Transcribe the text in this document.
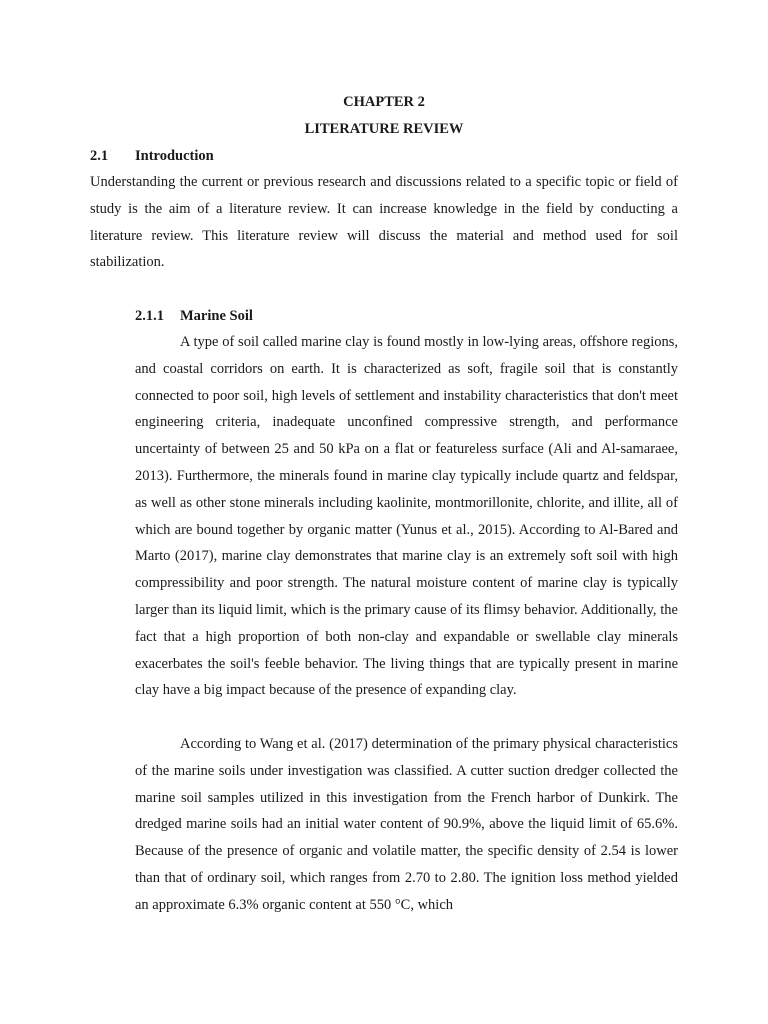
CHAPTER 2
LITERATURE REVIEW
2.1 Introduction

Understanding the current or previous research and discussions related to a specific topic or field of study is the aim of a literature review. It can increase knowledge in the field by conducting a literature review. This literature review will discuss the material and method used for soil stabilization.

2.1.1 Marine Soil

A type of soil called marine clay is found mostly in low-lying areas, offshore regions, and coastal corridors on earth. It is characterized as soft, fragile soil that is constantly connected to poor soil, high levels of settlement and instability characteristics that don't meet engineering criteria, inadequate unconfined compressive strength, and performance uncertainty of between 25 and 50 kPa on a flat or featureless surface (Ali and Al-samaraee, 2013). Furthermore, the minerals found in marine clay typically include quartz and feldspar, as well as other stone minerals including kaolinite, montmorillonite, chlorite, and illite, all of which are bound together by organic matter (Yunus et al., 2015). According to Al-Bared and Marto (2017), marine clay demonstrates that marine clay is an extremely soft soil with high compressibility and poor strength. The natural moisture content of marine clay is typically larger than its liquid limit, which is the primary cause of its flimsy behavior. Additionally, the fact that a high proportion of both non-clay and expandable or swellable clay minerals exacerbates the soil's feeble behavior. The living things that are typically present in marine clay have a big impact because of the presence of expanding clay.

According to Wang et al. (2017) determination of the primary physical characteristics of the marine soils under investigation was classified. A cutter suction dredger collected the marine soil samples utilized in this investigation from the French harbor of Dunkirk. The dredged marine soils had an initial water content of 90.9%, above the liquid limit of 65.6%. Because of the presence of organic and volatile matter, the specific density of 2.54 is lower than that of ordinary soil, which ranges from 2.70 to 2.80. The ignition loss method yielded an approximate 6.3% organic content at 550 °C, which
